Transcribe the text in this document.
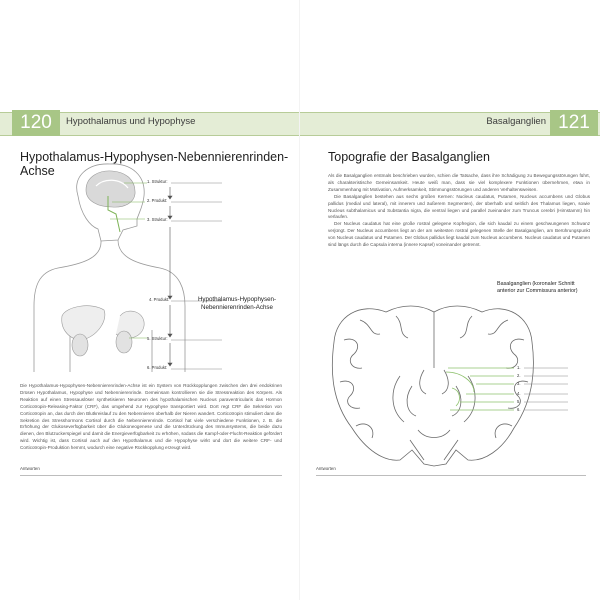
120	Hypothalamus und Hypophyse
Hypothalamus-Hypophysen-Nebennierenrinden-Achse
1. Struktur:
2. Produkt:
3. Struktur:
4. Produkt:
5. Struktur:
6. Produkt:
Hypothalamus-Hypophysen-Nebennierenrinden-Achse

Die Hypothalamus-Hypophysen-Nebennierenrinden-Achse ist ein System von Rückkopplungen zwischen den drei endokrinen Drüsen Hypothalamus, Hypophyse und Nebennierenrinde. Gemeinsam kontrollieren sie die Stressreaktion des Körpers. Als Reaktion auf einen Stressauslöser synthetisieren Neuronen des hypothalamischen Nucleus paraventricularis das Hormon Corticotropin-Releasing-Faktor (CRF), das umgehend zur Hypophyse transportiert wird. Dort regt CRF die Sekretion von Corticotropin an, das durch den Blutkreislauf zu den Nebennieren oberhalb der Nieren wandert. Corticotropin stimuliert dann die Sekretion des Stresshormons Cortisol durch die Nebennierenrinde. Cortisol hat viele verschiedene Funktionen, z. B. die Erhöhung der Glukoseverfügbarkeit über die Glukoneogenese und die Unterdrückung des Immunsystems, die beide dazu dienen, den Blutzuckerspiegel und damit die Energieverfügbarkeit zu erhöhen, sodass die Kampf-oder-Flucht-Reaktion gefördert wird. Wichtig ist, dass Cortisol auch auf den Hypothalamus und die Hypophyse wirkt und dort die weitere CRF- und Corticotropin-Produktion hemmt, wodurch eine negative Rückkopplung erzeugt wird.

Antworten
Basalganglien 121
Topografie der Basalganglien

Als die Basalganglien erstmals beschrieben wurden, schien die Tatsache, dass ihre Schädigung zu Bewegungsstörungen führt, als charakteristische Gemeinsamkeit. Heute weiß man, dass sie viel komplexere Funktionen übernehmen, etwa in Zusammenhang mit Motivation, Aufmerksamkeit, Stimmungsstörungen und anderen Verhaltensweisen.

Die Basalganglien bestehen aus sechs großen Kernen: Nucleus caudatus, Putamen, Nucleus accumbens und Globus pallidus (medial und lateral), mit innerem und äußerem Segmenten), der überhalb und seitlich des Thalamus liegen, sowie Nucleus subthalamicus und Substantia nigra, die ventral liegen und parallel zueinander zum Truncus cerebri (Hirnstamm) hin verlaufen.

Der Nucleus caudatus hat eine große rostral gelegene Kopfregion, die sich kaudal zu einem geschwungenen Schwanz verjüngt. Der Nucleus accumbens liegt an der am weitesten rostral gelegenen Stelle der Basalganglien, am Berührungspunkt von Nucleus caudatus und Putamen. Der Globus pallidus liegt kaudal zum Nucleus accumbens. Nucleus caudatus und Putamen sind längs durch die Capsula interna (innere Kapsel) voneinander getrennt.

Basalganglien (koronaler Schnitt anterior zur Commissura anterior)
1.
2.
3.
4.
5.
6.
Antworten
